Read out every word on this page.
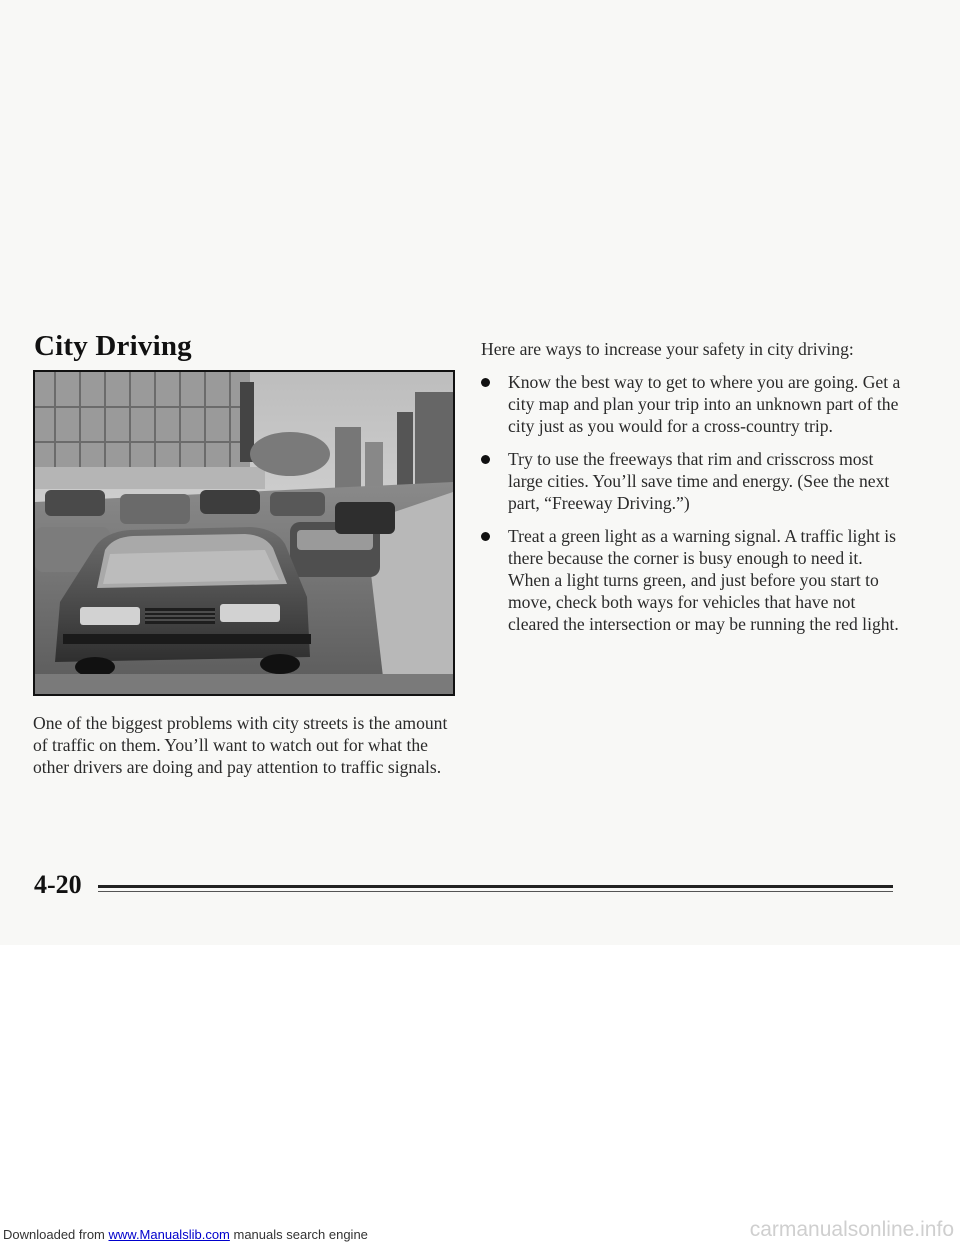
City Driving

One of the biggest problems with city streets is the amount of traffic on them. You’ll want to watch out for what the other drivers are doing and pay attention to traffic signals.

Here are ways to increase your safety in city driving:

Know the best way to get to where you are going. Get a city map and plan your trip into an unknown part of the city just as you would for a cross-country trip.
Try to use the freeways that rim and crisscross most large cities. You’ll save time and energy. (See the next part, “Freeway Driving.”)
Treat a green light as a warning signal. A traffic light is there because the corner is busy enough to need it. When a light turns green, and just before you start to move, check both ways for vehicles that have not cleared the intersection or may be running the red light.

4-20

Downloaded from www.Manualslib.com manuals search engine	carmanualsonline.info
